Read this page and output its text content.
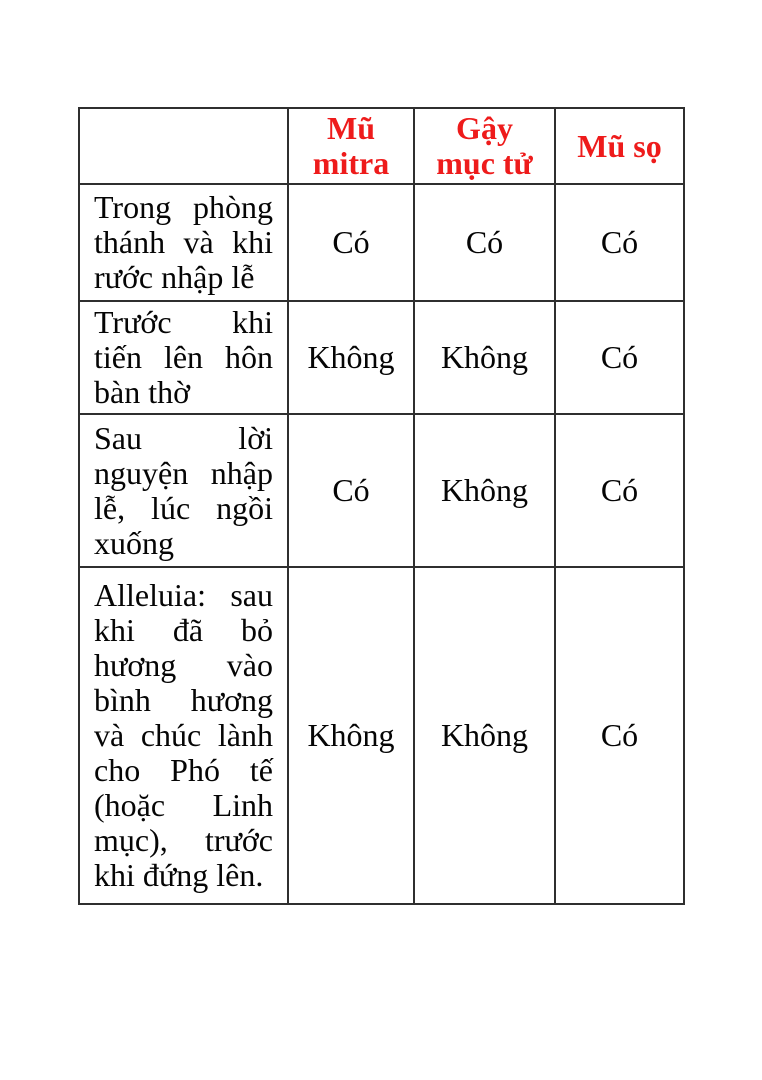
	Mũ mitra	Gậy mục tử	Mũ sọ
Trong phòng thánh và khi rước nhập lễ	Có	Có	Có
Trước khi tiến lên hôn bàn thờ	Không	Không	Có
Sau lời nguyện nhập lễ, lúc ngồi xuống	Có	Không	Có
Alleluia: sau khi đã bỏ hương vào bình hương và chúc lành cho Phó tế (hoặc Linh mục), trước khi đứng lên.	Không	Không	Có
